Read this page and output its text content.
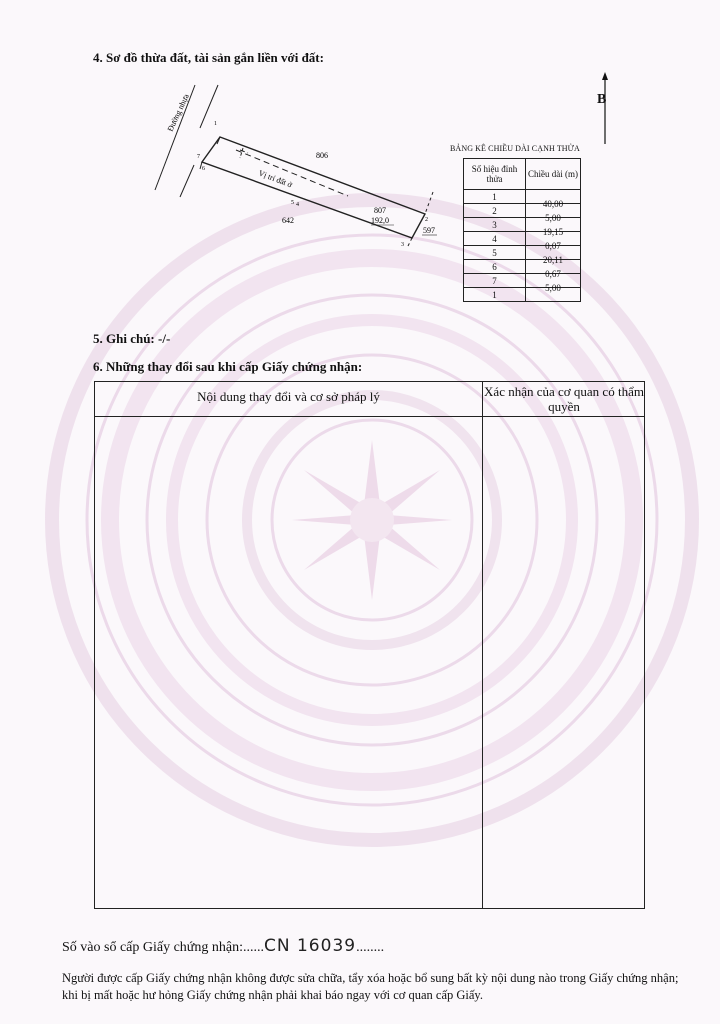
4. Sơ đồ thừa đất, tài sản gắn liền với đất:
Đường nhựa
Vị trí đất ở
806
807
192,0
597
642
1
2
3
4
5
6
7
B
BẢNG KÊ CHIỀU DÀI CẠNH THỬA
Số hiệu đỉnh thửa	Chiều dài (m)
1	40,00
2	5,00
3	19,15
4	0,07
5	20,11
6	0,67
7	5,00
1	
5. Ghi chú: -/-
6. Những thay đổi sau khi cấp Giấy chứng nhận:
Nội dung thay đổi và cơ sở pháp lý	Xác nhận của cơ quan có thẩm quyền
Số vào sổ cấp Giấy chứng nhận:......CN 16039........
Người được cấp Giấy chứng nhận không được sửa chữa, tẩy xóa hoặc bổ sung bất kỳ nội dung nào trong Giấy chứng nhận; khi bị mất hoặc hư hỏng Giấy chứng nhận phải khai báo ngay với cơ quan cấp Giấy.
